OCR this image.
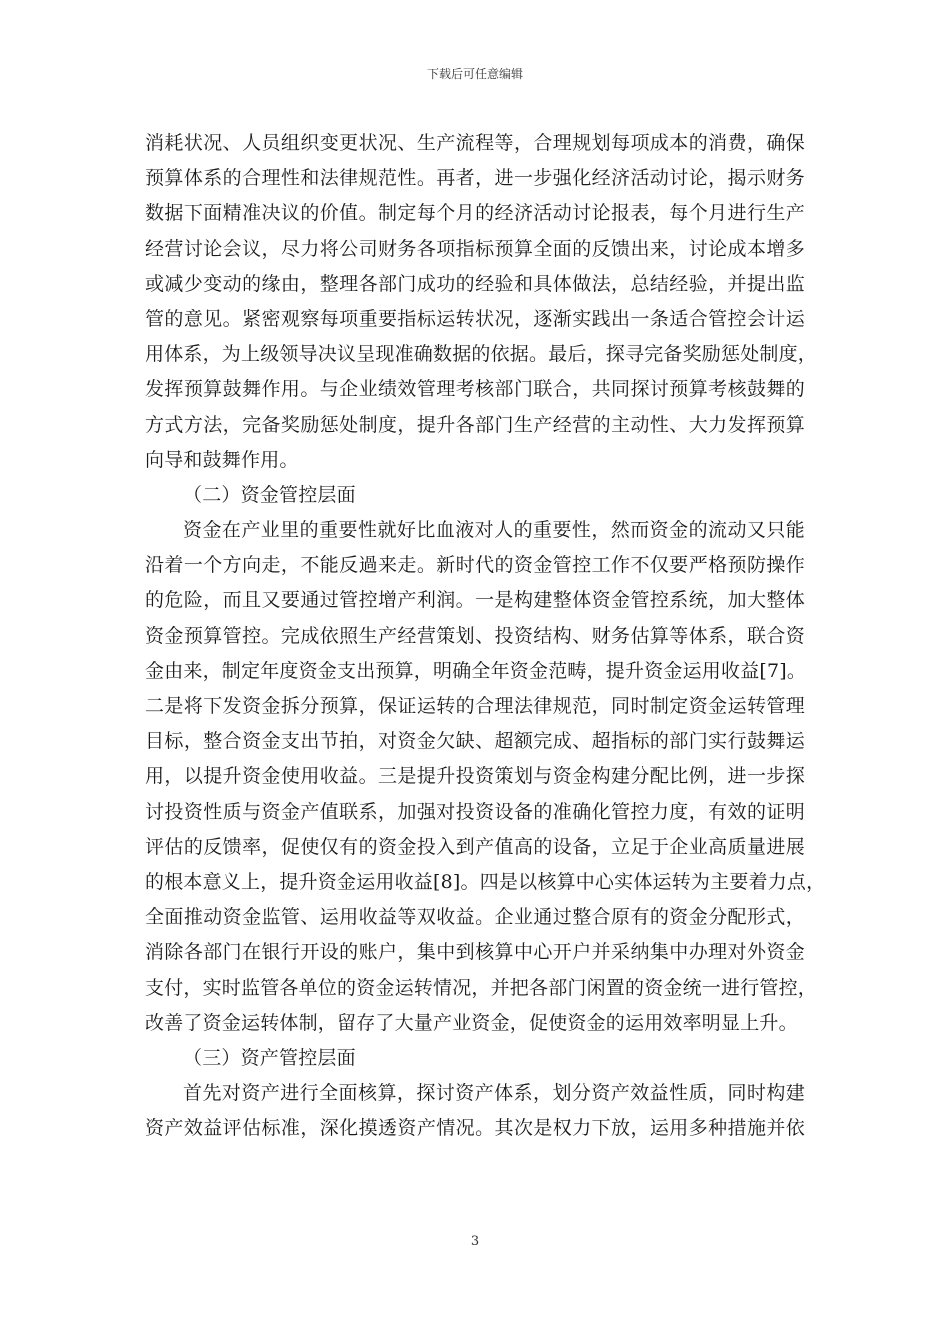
下载后可任意编辑
消耗状况、人员组织变更状况、生产流程等，合理规划每项成本的消费，确保
预算体系的合理性和法律规范性。再者，进一步强化经济活动讨论，揭示财务
数据下面精准决议的价值。制定每个月的经济活动讨论报表，每个月进行生产
经营讨论会议，尽力将公司财务各项指标预算全面的反馈出来，讨论成本增多
或减少变动的缘由，整理各部门成功的经验和具体做法，总结经验，并提出监
管的意见。紧密观察每项重要指标运转状况，逐渐实践出一条适合管控会计运
用体系，为上级领导决议呈现准确数据的依据。最后，探寻完备奖励惩处制度，
发挥预算鼓舞作用。与企业绩效管理考核部门联合，共同探讨预算考核鼓舞的
方式方法，完备奖励惩处制度，提升各部门生产经营的主动性、大力发挥预算
向导和鼓舞作用。
（二）资金管控层面
资金在产业里的重要性就好比血液对人的重要性，然而资金的流动又只能
沿着一个方向走，不能反過来走。新时代的资金管控工作不仅要严格预防操作
的危险，而且又要通过管控增产利润。一是构建整体资金管控系统，加大整体
资金预算管控。完成依照生产经营策划、投资结构、财务估算等体系，联合资
金由来，制定年度资金支出预算，明确全年资金范畴，提升资金运用收益[7]。
二是将下发资金拆分预算，保证运转的合理法律规范，同时制定资金运转管理
目标，整合资金支出节拍，对资金欠缺、超额完成、超指标的部门实行鼓舞运
用，以提升资金使用收益。三是提升投资策划与资金构建分配比例，进一步探
讨投资性质与资金产值联系，加强对投资设备的准确化管控力度，有效的证明
评估的反馈率，促使仅有的资金投入到产值高的设备，立足于企业高质量进展
的根本意义上，提升资金运用收益[8]。四是以核算中心实体运转为主要着力点，
全面推动资金监管、运用收益等双收益。企业通过整合原有的资金分配形式，
消除各部门在银行开设的账户，集中到核算中心开户并采纳集中办理对外资金
支付，实时监管各单位的资金运转情况，并把各部门闲置的资金统一进行管控，
改善了资金运转体制，留存了大量产业资金，促使资金的运用效率明显上升。
（三）资产管控层面
首先对资产进行全面核算，探讨资产体系，划分资产效益性质，同时构建
资产效益评估标准，深化摸透资产情况。其次是权力下放，运用多种措施并依
3
